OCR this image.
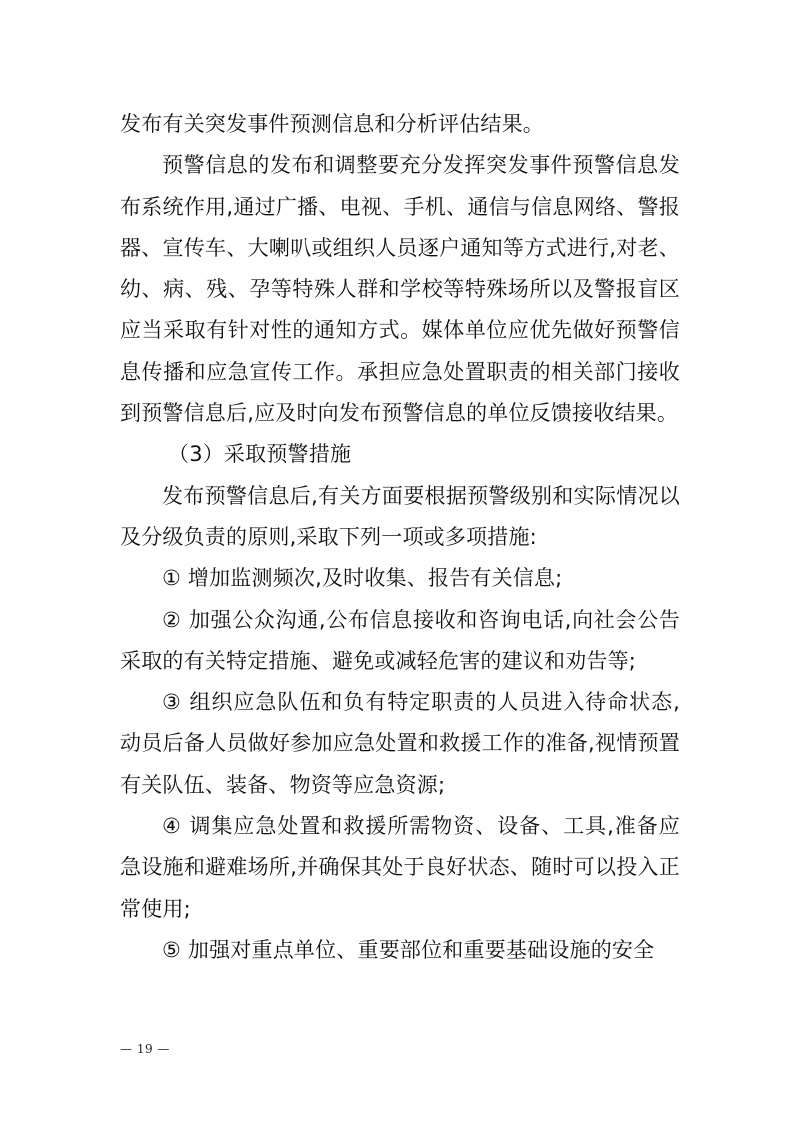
发布有关突发事件预测信息和分析评估结果。

预警信息的发布和调整要充分发挥突发事件预警信息发布系统作用,通过广播、电视、手机、通信与信息网络、警报器、宣传车、大喇叭或组织人员逐户通知等方式进行,对老、幼、病、残、孕等特殊人群和学校等特殊场所以及警报盲区应当采取有针对性的通知方式。媒体单位应优先做好预警信息传播和应急宣传工作。承担应急处置职责的相关部门接收到预警信息后,应及时向发布预警信息的单位反馈接收结果。

（3）采取预警措施

发布预警信息后,有关方面要根据预警级别和实际情况以及分级负责的原则,采取下列一项或多项措施:

① 增加监测频次,及时收集、报告有关信息;

② 加强公众沟通,公布信息接收和咨询电话,向社会公告采取的有关特定措施、避免或减轻危害的建议和劝告等;

③ 组织应急队伍和负有特定职责的人员进入待命状态,动员后备人员做好参加应急处置和救援工作的准备,视情预置有关队伍、装备、物资等应急资源;

④ 调集应急处置和救援所需物资、设备、工具,准备应急设施和避难场所,并确保其处于良好状态、随时可以投入正常使用;

⑤ 加强对重点单位、重要部位和重要基础设施的安全

— 19 —
